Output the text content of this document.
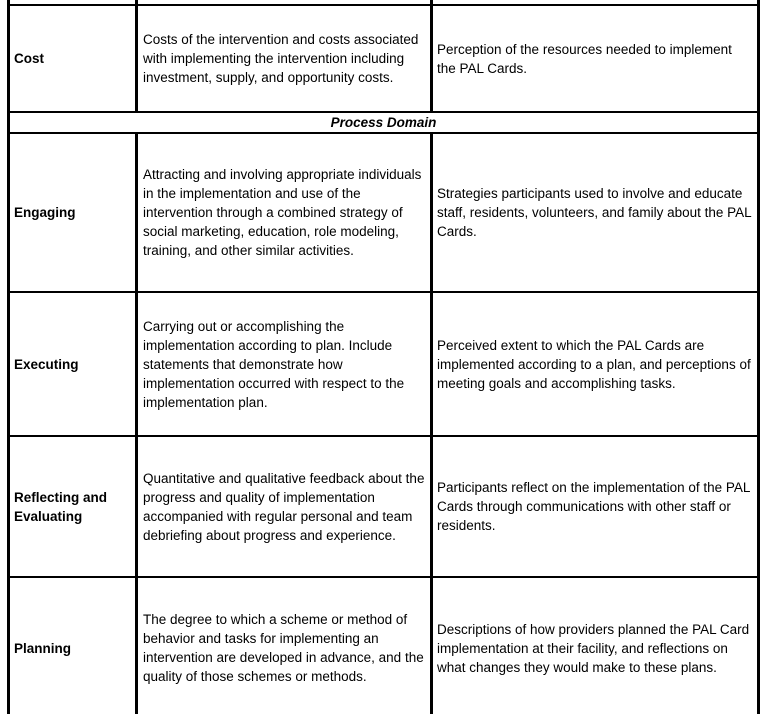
Cost	Costs of the intervention and costs associated with implementing the intervention including investment, supply, and opportunity costs.	Perception of the resources needed to implement the PAL Cards.
Process Domain		
Engaging	Attracting and involving appropriate individuals in the implementation and use of the intervention through a combined strategy of social marketing, education, role modeling, training, and other similar activities.	Strategies participants used to involve and educate staff, residents, volunteers, and family about the PAL Cards.
Executing	Carrying out or accomplishing the implementation according to plan. Include statements that demonstrate how implementation occurred with respect to the implementation plan.	Perceived extent to which the PAL Cards are implemented according to a plan, and perceptions of meeting goals and accomplishing tasks.
Reflecting and Evaluating	Quantitative and qualitative feedback about the progress and quality of implementation accompanied with regular personal and team debriefing about progress and experience.	Participants reflect on the implementation of the PAL Cards through communications with other staff or residents.
Planning	The degree to which a scheme or method of behavior and tasks for implementing an intervention are developed in advance, and the quality of those schemes or methods.	Descriptions of how providers planned the PAL Card implementation at their facility, and reflections on what changes they would make to these plans.
